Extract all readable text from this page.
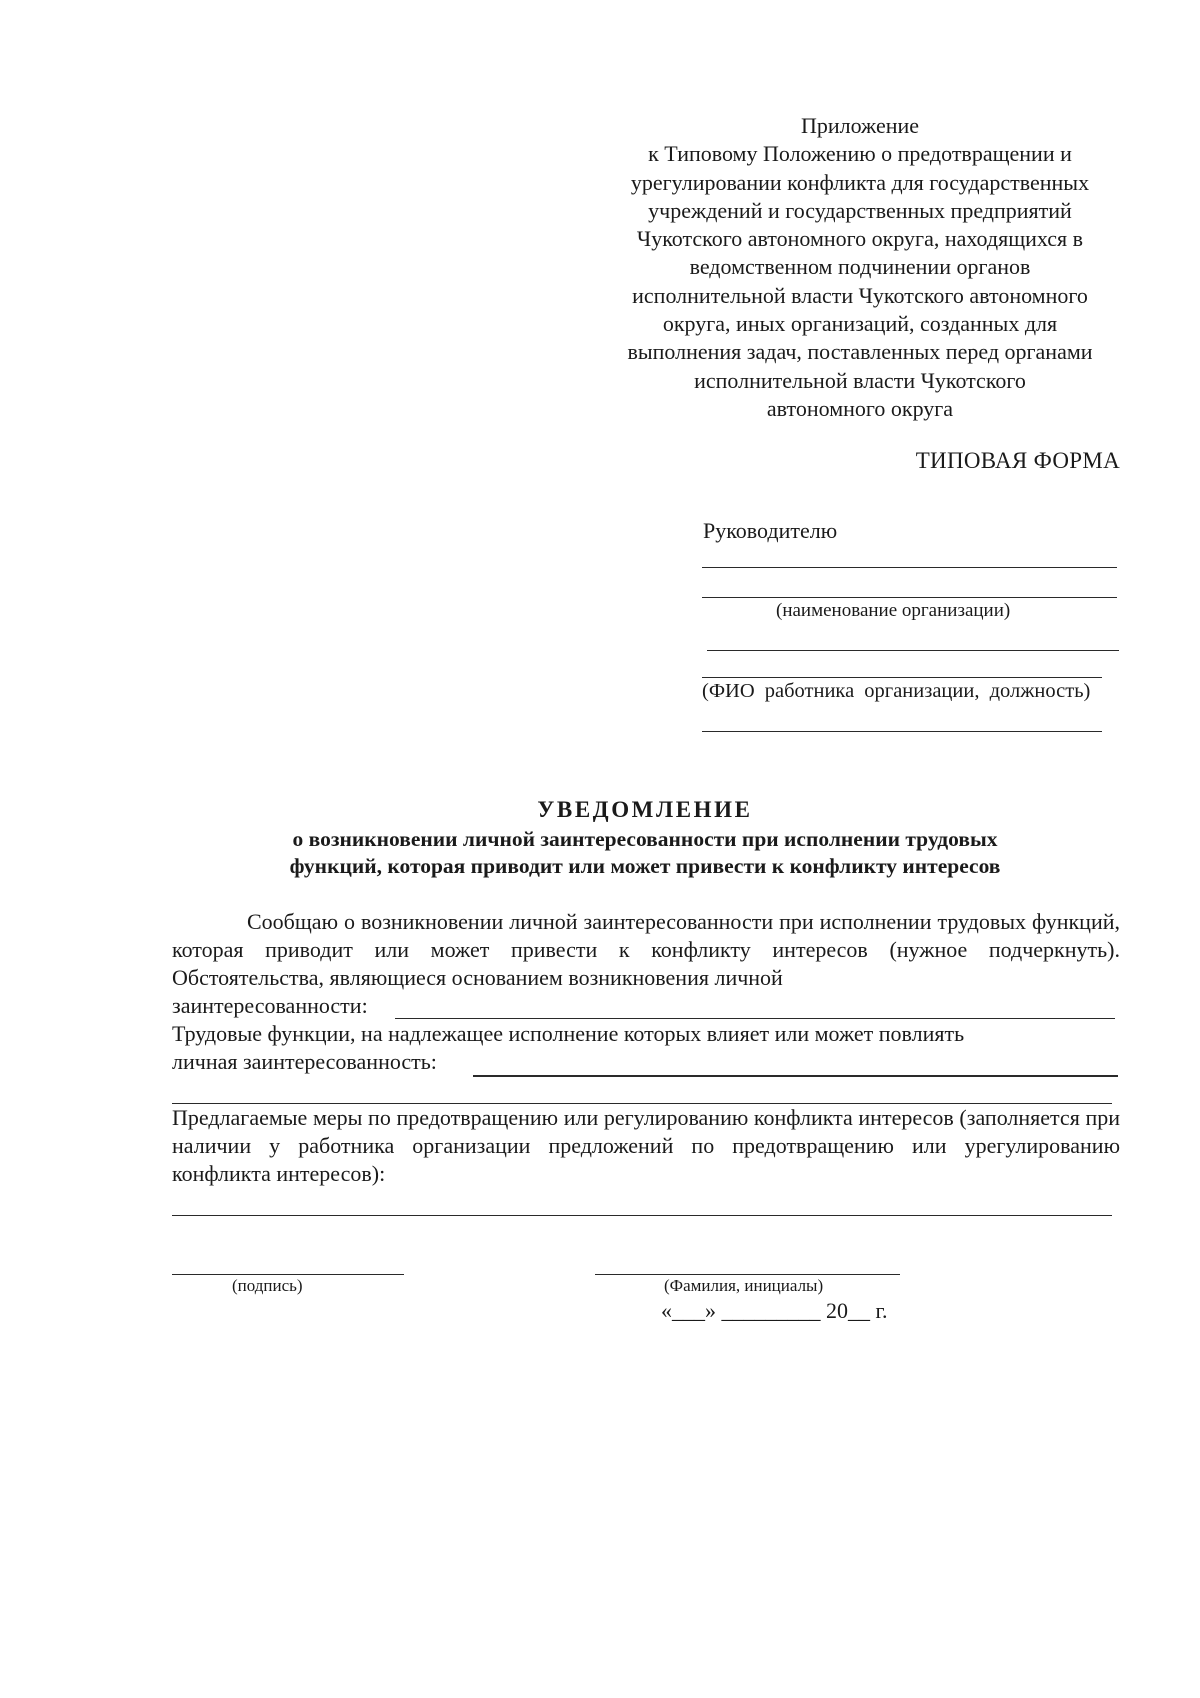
Приложение
к Типовому Положению о предотвращении и
урегулировании конфликта для государственных
учреждений и государственных предприятий
Чукотского автономного округа, находящихся в
ведомственном подчинении органов
исполнительной власти Чукотского автономного
округа, иных организаций, созданных для
выполнения задач, поставленных перед органами
исполнительной власти Чукотского
автономного округа
ТИПОВАЯ ФОРМА
Руководителю
(наименование организации)
(ФИО работника организации, должность)
УВЕДОМЛЕНИЕ
о возникновении личной заинтересованности при исполнении трудовых
функций, которая приводит или может привести к конфликту интересов
Сообщаю о возникновении личной заинтересованности при исполнении трудовых функций, которая приводит или может привести к конфликту интересов (нужное подчеркнуть). Обстоятельства, являющиеся основанием возникновения личной
заинтересованности:
Трудовые функции, на надлежащее исполнение которых влияет или может повлиять
личная заинтересованность:
Предлагаемые меры по предотвращению или регулированию конфликта интересов (заполняется при наличии у работника организации предложений по предотвращению или урегулированию конфликта интересов):
(подпись)	(Фамилия, инициалы)
«___» _________ 20__ г.
